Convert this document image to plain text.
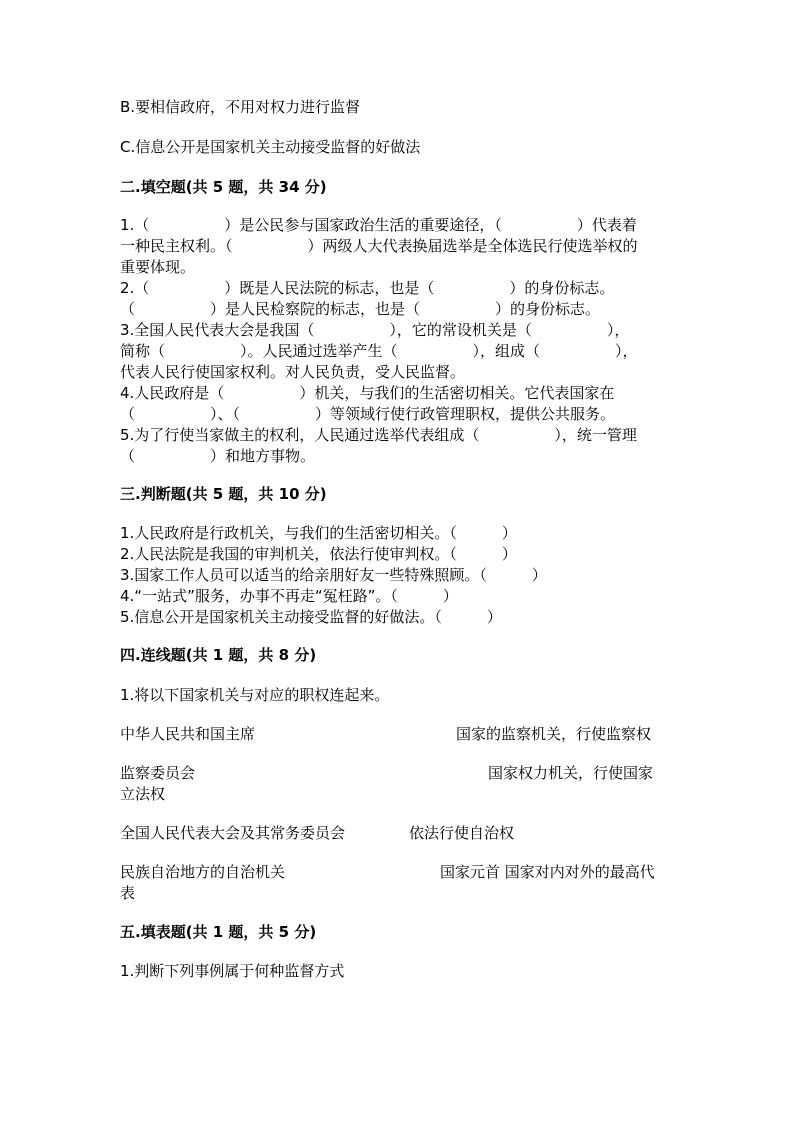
B.要相信政府，不用对权力进行监督
C.信息公开是国家机关主动接受监督的好做法
二.填空题(共 5 题，共 34 分)
1.（　　　　　）是公民参与国家政治生活的重要途径，（　　　　　）代表着
一种民主权利。（　　　　　）两级人大代表换届选举是全体选民行使选举权的
重要体现。
2.（　　　　　）既是人民法院的标志，也是（　　　　　）的身份标志。
（　　　　　）是人民检察院的标志，也是（　　　　　）的身份标志。
3.全国人民代表大会是我国（　　　　　），它的常设机关是（　　　　　），
简称（　　　　　）。人民通过选举产生（　　　　　），组成（　　　　　），
代表人民行使国家权利。对人民负责，受人民监督。
4.人民政府是（　　　　　）机关，与我们的生活密切相关。它代表国家在
（　　　　　）、（　　　　　）等领域行使行政管理职权，提供公共服务。
5.为了行使当家做主的权利，人民通过选举代表组成（　　　　　），统一管理
（　　　　　）和地方事物。
三.判断题(共 5 题，共 10 分)
1.人民政府是行政机关，与我们的生活密切相关。（　　　）
2.人民法院是我国的审判机关，依法行使审判权。（　　　）
3.国家工作人员可以适当的给亲朋好友一些特殊照顾。（　　　）
4.“一站式”服务，办事不再走“冤枉路”。（　　　）
5.信息公开是国家机关主动接受监督的好做法。（　　　）
四.连线题(共 1 题，共 8 分)
1.将以下国家机关与对应的职权连起来。
中华人民共和国主席	国家的监察机关，行使监察权
监察委员会	国家权力机关，行使国家
立法权
全国人民代表大会及其常务委员会	依法行使自治权
民族自治地方的自治机关	国家元首 国家对内对外的最高代
表
五.填表题(共 1 题，共 5 分)
1.判断下列事例属于何种监督方式
